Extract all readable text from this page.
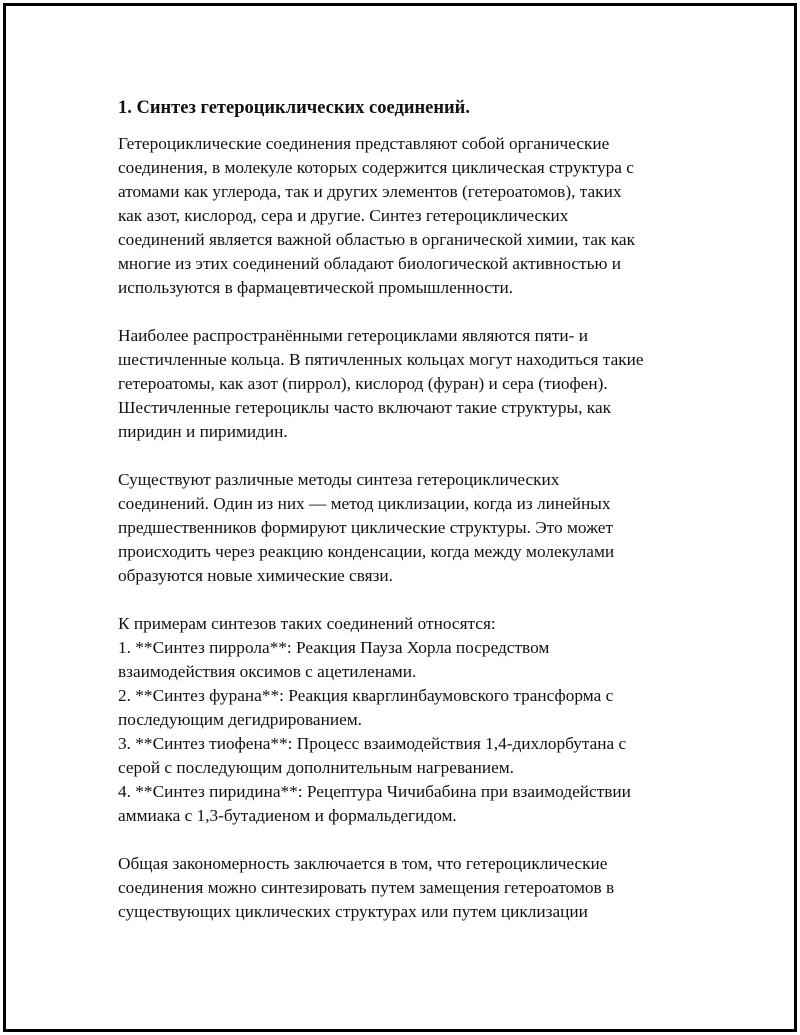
1. Синтез гетероциклических соединений.
Гетероциклические соединения представляют собой органические
соединения, в молекуле которых содержится циклическая структура с
атомами как углерода, так и других элементов (гетероатомов), таких
как азот, кислород, сера и другие. Синтез гетероциклических
соединений является важной областью в органической химии, так как
многие из этих соединений обладают биологической активностью и
используются в фармацевтической промышленности.
Наиболее распространёнными гетероциклами являются пяти- и
шестичленные кольца. В пятичленных кольцах могут находиться такие
гетероатомы, как азот (пиррол), кислород (фуран) и сера (тиофен).
Шестичленные гетероциклы часто включают такие структуры, как
пиридин и пиримидин.
Существуют различные методы синтеза гетероциклических
соединений. Один из них — метод циклизации, когда из линейных
предшественников формируют циклические структуры. Это может
происходить через реакцию конденсации, когда между молекулами
образуются новые химические связи.
К примерам синтезов таких соединений относятся:
1. **Синтез пиррола**: Реакция Пауза Хорла посредством
взаимодействия оксимов с ацетиленами.
2. **Синтез фурана**: Реакция кварглинбаумовского трансформа с
последующим дегидрированием.
3. **Синтез тиофена**: Процесс взаимодействия 1,4-дихлорбутана с
серой с последующим дополнительным нагреванием.
4. **Синтез пиридина**: Рецептура Чичибабина при взаимодействии
аммиака с 1,3-бутадиеном и формальдегидом.
Общая закономерность заключается в том, что гетероциклические
соединения можно синтезировать путем замещения гетероатомов в
существующих циклических структурах или путем циклизации
